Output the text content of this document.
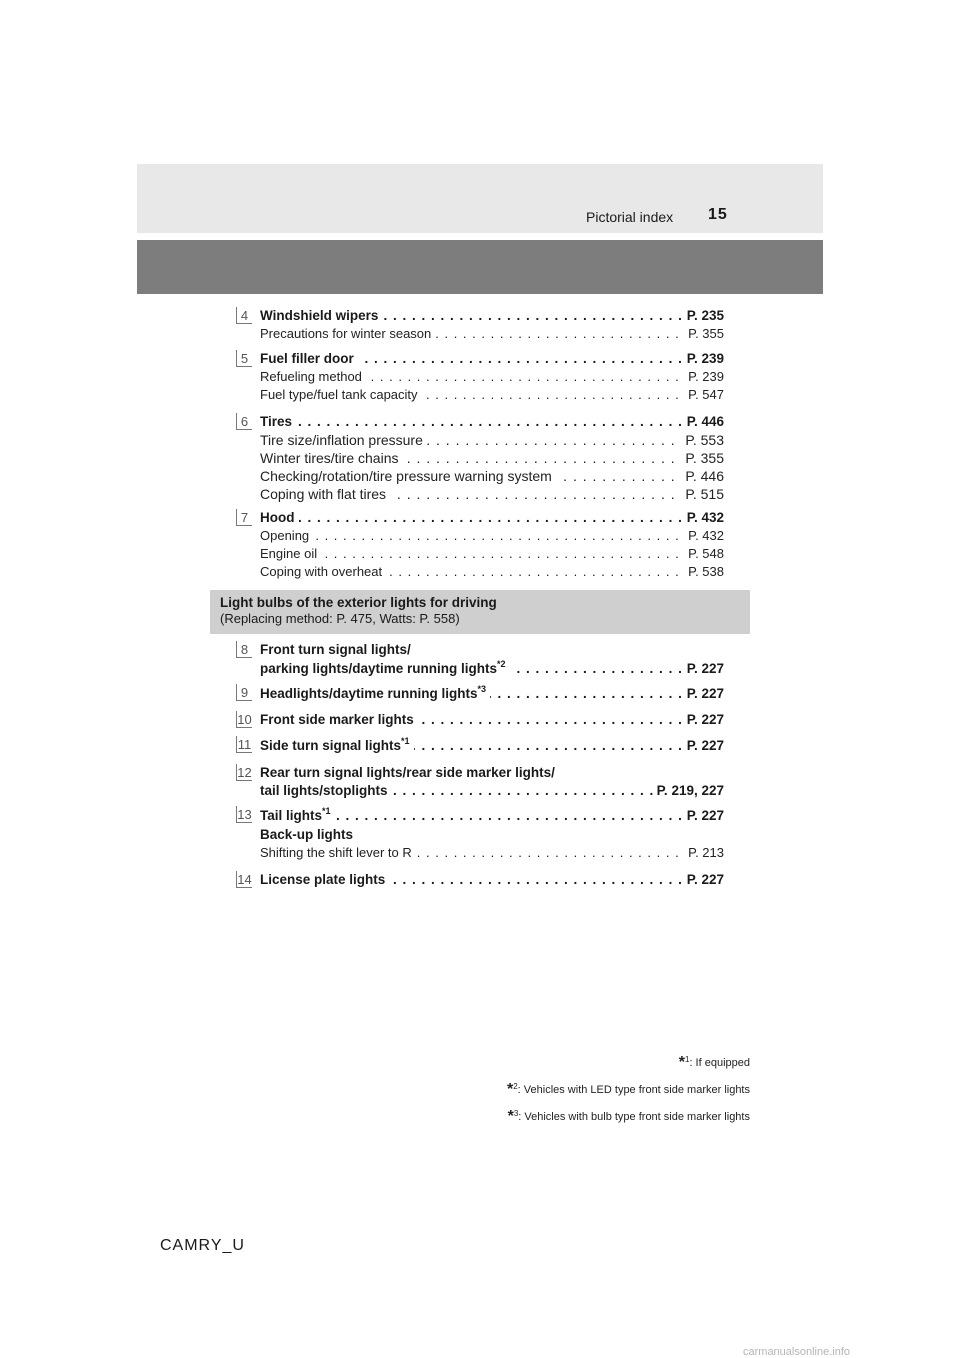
Pictorial index 15
4 Windshield wipers	P. 235
. . .
Precautions for winter season	P. 355
. . .
5 Fuel filler door	P. 239
. . .
Refueling method	P. 239
. . .
Fuel type/fuel tank capacity	P. 547
. . .
6 Tires	P. 446
. . .
Tire size/inflation pressure	P. 553
. . .
Winter tires/tire chains	P. 355
. . .
Checking/rotation/tire pressure warning system	P. 446
. . .
Coping with flat tires	P. 515
. . .
7 Hood	P. 432
. . .
Opening	P. 432
. . .
Engine oil	P. 548
. . .
Coping with overheat	P. 538
. . .
Light bulbs of the exterior lights for driving
(Replacing method: P. 475, Watts: P. 558)
8 Front turn signal lights/
parking lights/daytime running lights$^{*2}$	P. 227
. . .
9 Headlights/daytime running lights$^{*3}$	P. 227
. . .
10 Front side marker lights	P. 227
. . .
11 Side turn signal lights$^{*1}$	P. 227
. . .
12 Rear turn signal lights/rear side marker lights/
tail lights/stoplights	P. 219, 227
. . .
13 Tail lights$^{*1}$	P. 227
. . .
Back-up lights
Shifting the shift lever to R	P. 213
. . .
14 License plate lights	P. 227
. . .
*$^1$: If equipped
*$^2$: Vehicles with LED type front side marker lights
*$^3$: Vehicles with bulb type front side marker lights
CAMRY_U
carmanualsonline.info
